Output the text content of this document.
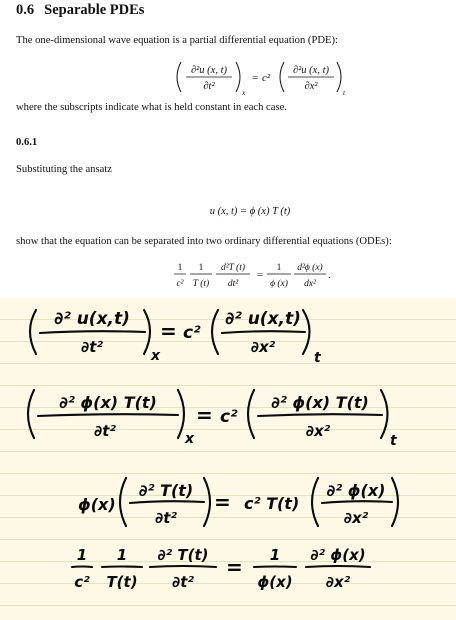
0.6 Separable PDEs

The one-dimensional wave equation is a partial differential equation (PDE):

∂²u (x, t)
∂t²
x
= c²
∂²u (x, t)
∂x²
t

where the subscripts indicate what is held constant in each case.

0.6.1

Substituting the ansatz

u (x, t) = ϕ (x) T (t)

show that the equation can be separated into two ordinary differential equations (ODEs):

1
c²
1
T (t)
d²T (t)
dt²
=
1
ϕ (x)
d²ϕ (x)
dx²
.
∂² u(x,t)
∂t²	x
= c²
∂² u(x,t)
∂x²
t
∂² ϕ(x) T(t)
∂t²	x
= c²
∂² ϕ(x) T(t)
∂x²
t
ϕ(x)
∂² T(t)
∂t²
= c² T(t)
∂² ϕ(x)
∂x²
1
c²
1
T(t)
∂² T(t)
∂t²
= 1
ϕ(x)
∂² ϕ(x)
∂x²
